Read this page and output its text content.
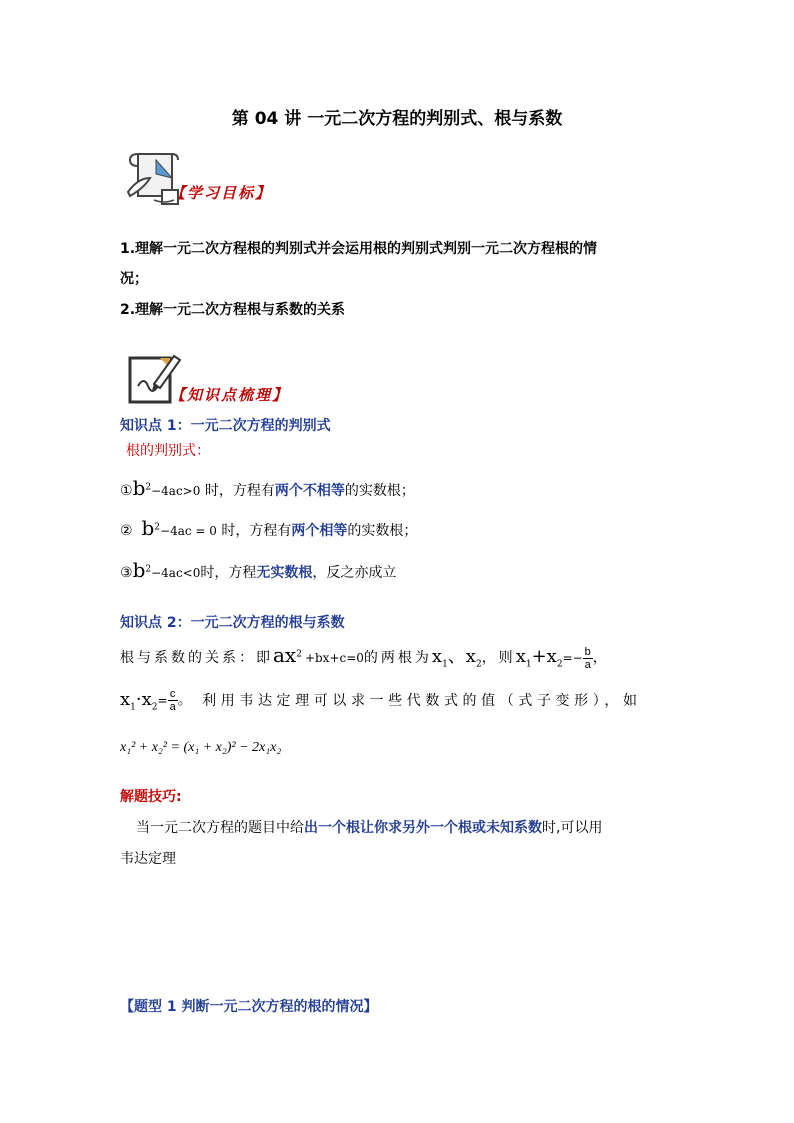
第 04 讲 一元二次方程的判别式、根与系数
【学习目标】
1.理解一元二次方程根的判别式并会运用根的判别式判别一元二次方程根的情
况；
2.理解一元二次方程根与系数的关系
【知识点梳理】
知识点 1：一元二次方程的判别式
根的判别式：
$①b^2-4ac>0$ 时，方程有两个不相等的实数根；
② $b^2-4ac = 0$ 时，方程有两个相等的实数根；
$③b^2-4ac<0$时，方程无实数根，反之亦成立
知识点 2：一元二次方程的根与系数
根与系数的关系：即$ax^2+bx+c=0$的两根为$x_1$、$x_2$，则$x_1+x_2=- \frac{b}{a}$ ，
$x_1\cdot x_2= \frac{c}{a}$ 。 利用韦达定理可以求一些代数式的值（式子变形），如
x₁² + x₂² = (x₁ + x₂)² − 2x₁x₂
解题技巧:
当一元二次方程的题目中给出一个根让你求另外一个根或未知系数时,可以用
韦达定理
【题型 1 判断一元二次方程的根的情况】
